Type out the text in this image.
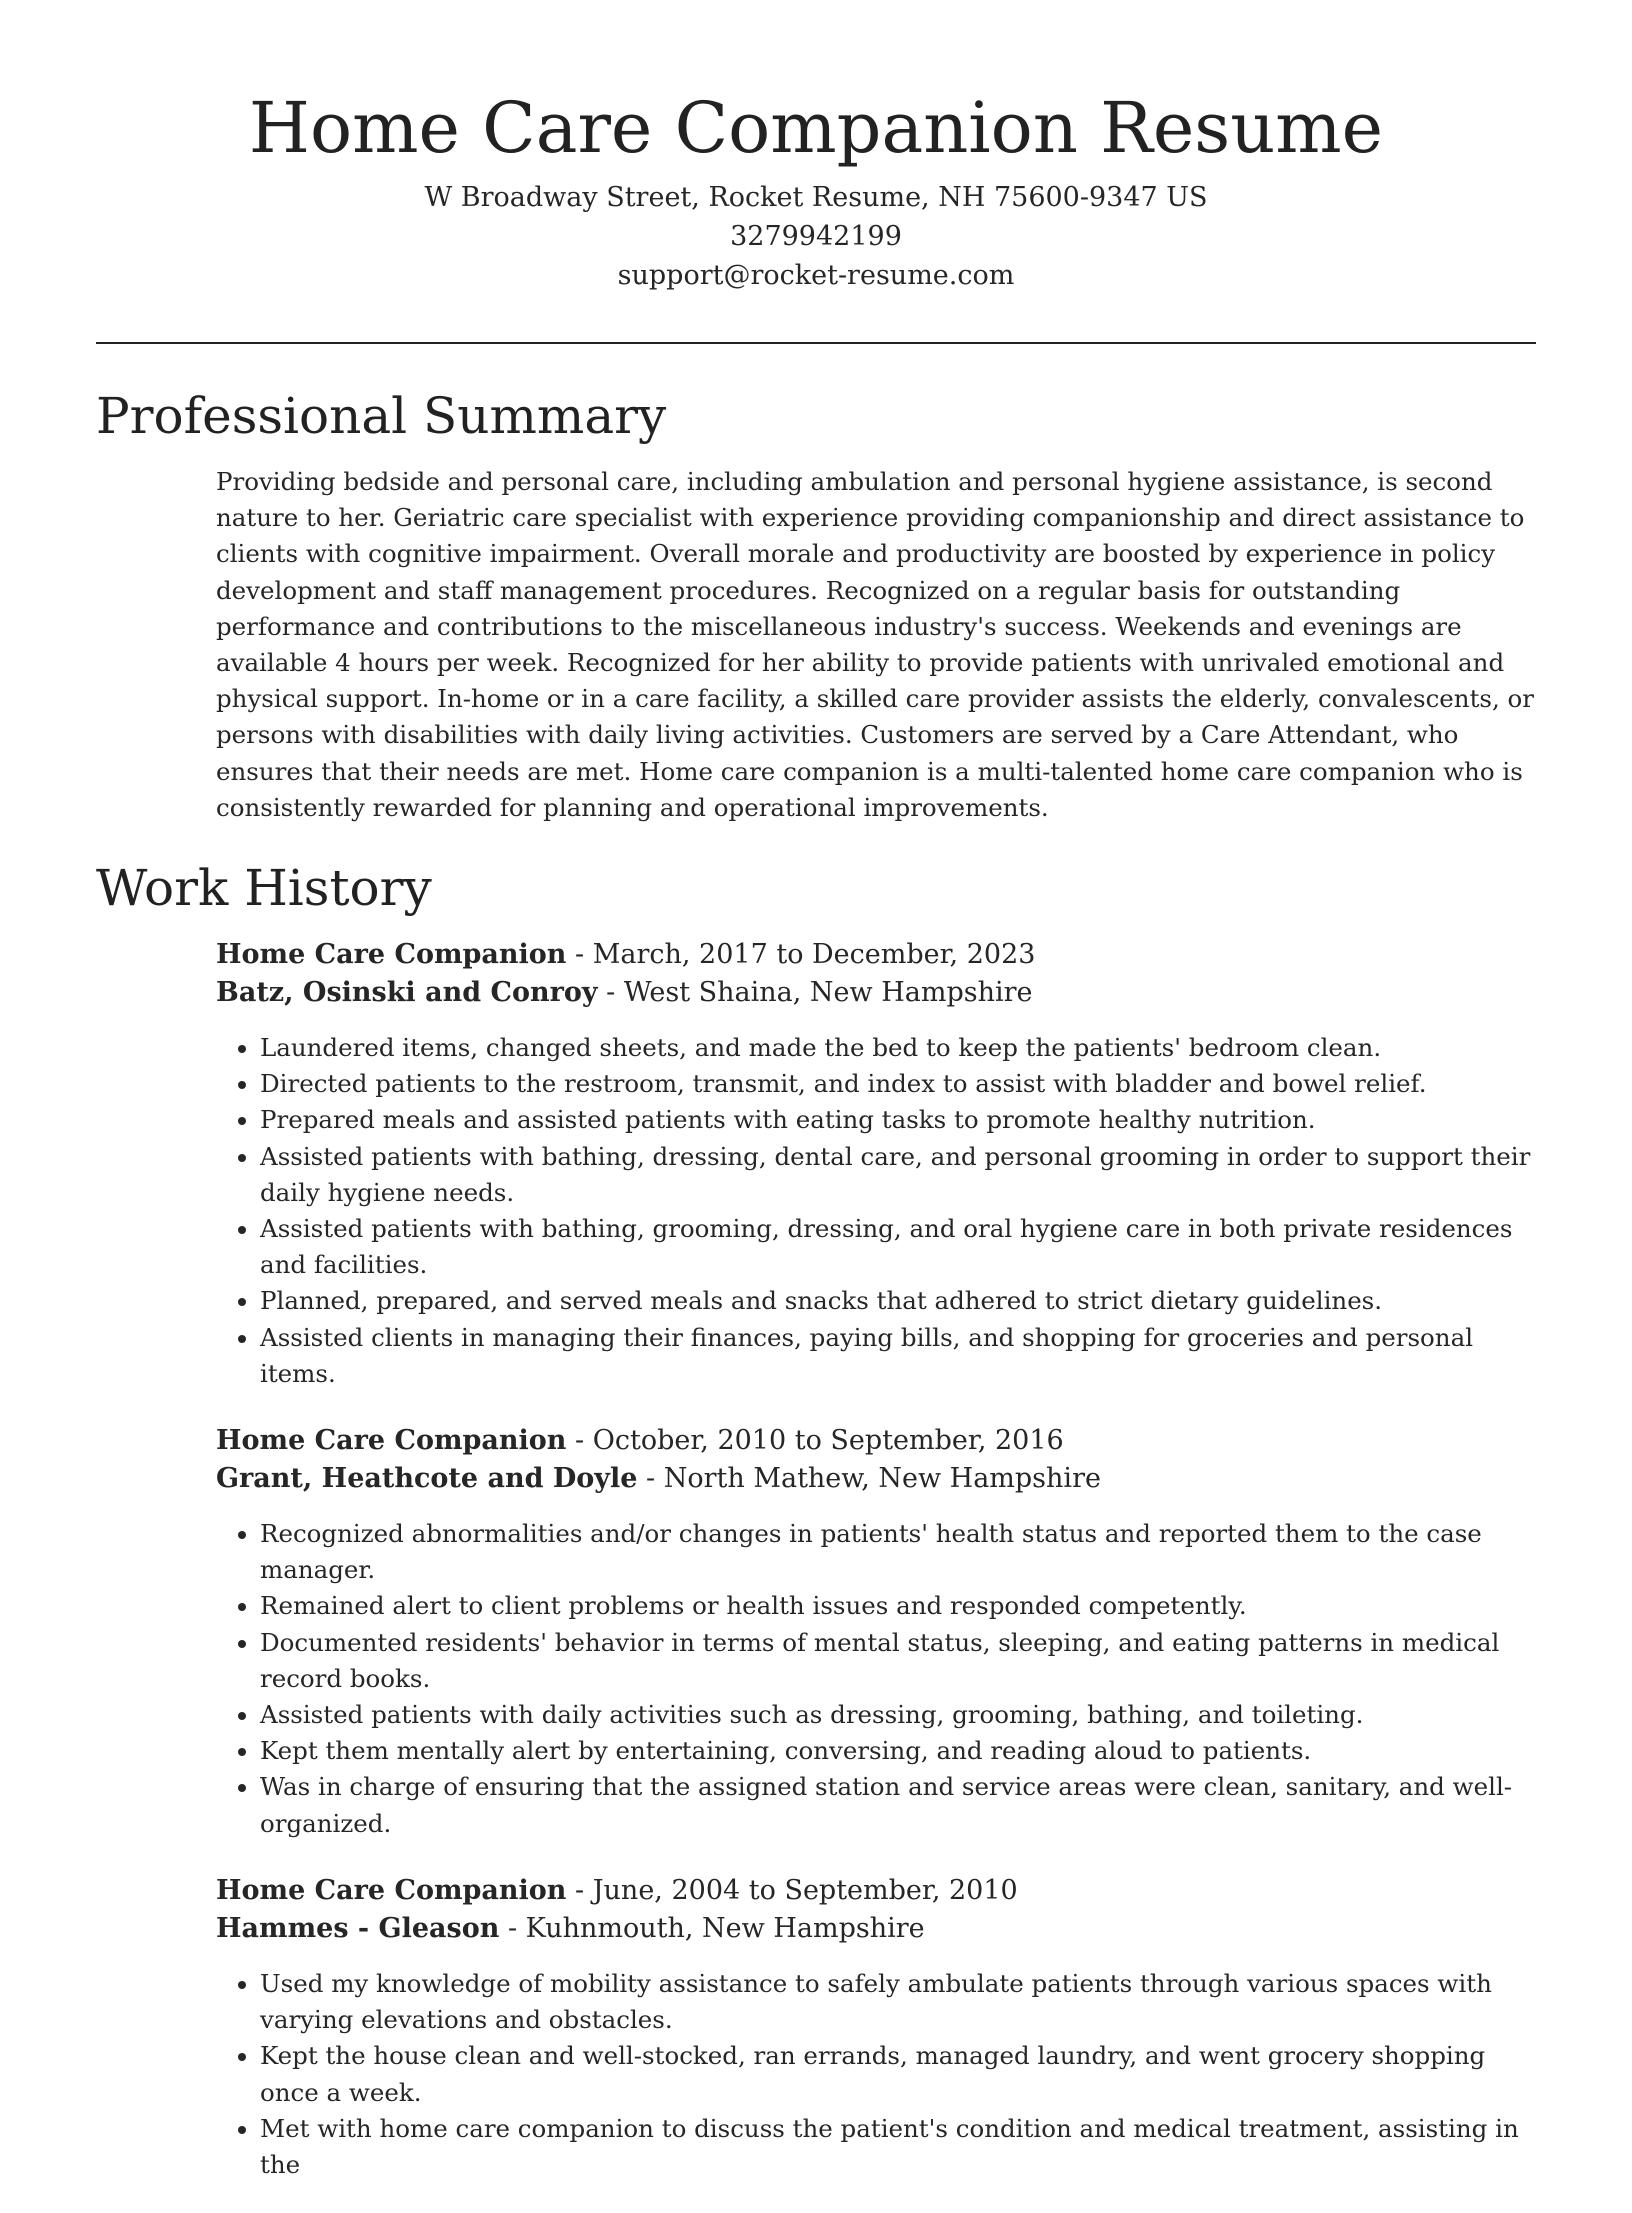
Home Care Companion Resume
W Broadway Street, Rocket Resume, NH 75600-9347 US
3279942199
support@rocket-resume.com
Professional Summary

Providing bedside and personal care, including ambulation and personal hygiene assistance, is second nature to her. Geriatric care specialist with experience providing companionship and direct assistance to clients with cognitive impairment. Overall morale and productivity are boosted by experience in policy development and staff management procedures. Recognized on a regular basis for outstanding performance and contributions to the miscellaneous industry's success. Weekends and evenings are available 4 hours per week. Recognized for her ability to provide patients with unrivaled emotional and physical support. In-home or in a care facility, a skilled care provider assists the elderly, convalescents, or persons with disabilities with daily living activities. Customers are served by a Care Attendant, who ensures that their needs are met. Home care companion is a multi-talented home care companion who is consistently rewarded for planning and operational improvements.

Work History
Home Care Companion - March, 2017 to December, 2023
Batz, Osinski and Conroy - West Shaina, New Hampshire
• Laundered items, changed sheets, and made the bed to keep the patients' bedroom clean.
• Directed patients to the restroom, transmit, and index to assist with bladder and bowel relief.
• Prepared meals and assisted patients with eating tasks to promote healthy nutrition.
• Assisted patients with bathing, dressing, dental care, and personal grooming in order to support their daily hygiene needs.
• Assisted patients with bathing, grooming, dressing, and oral hygiene care in both private residences and facilities.
• Planned, prepared, and served meals and snacks that adhered to strict dietary guidelines.
• Assisted clients in managing their finances, paying bills, and shopping for groceries and personal items.
Home Care Companion - October, 2010 to September, 2016
Grant, Heathcote and Doyle - North Mathew, New Hampshire
• Recognized abnormalities and/or changes in patients' health status and reported them to the case manager.
• Remained alert to client problems or health issues and responded competently.
• Documented residents' behavior in terms of mental status, sleeping, and eating patterns in medical record books.
• Assisted patients with daily activities such as dressing, grooming, bathing, and toileting.
• Kept them mentally alert by entertaining, conversing, and reading aloud to patients.
• Was in charge of ensuring that the assigned station and service areas were clean, sanitary, and well-organized.
Home Care Companion - June, 2004 to September, 2010
Hammes - Gleason - Kuhnmouth, New Hampshire
• Used my knowledge of mobility assistance to safely ambulate patients through various spaces with varying elevations and obstacles.
• Kept the house clean and well-stocked, ran errands, managed laundry, and went grocery shopping once a week.
• Met with home care companion to discuss the patient's condition and medical treatment, assisting in the
